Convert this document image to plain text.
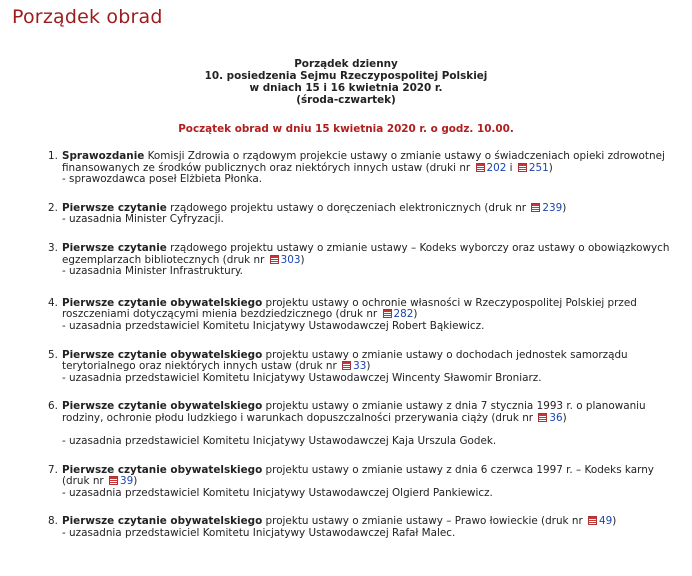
Porządek obrad
Porządek dzienny
10. posiedzenia Sejmu Rzeczypospolitej Polskiej
w dniach 15 i 16 kwietnia 2020 r.
(środa-czwartek)
Początek obrad w dniu 15 kwietnia 2020 r. o godz. 10.00.
1. Sprawozdanie Komisji Zdrowia o rządowym projekcie ustawy o zmianie ustawy o świadczeniach opieki zdrowotnej finansowanych ze środków publicznych oraz niektórych innych ustaw (druki nr 202 i 251)
- sprawozdawca poseł Elżbieta Płonka.
2. Pierwsze czytanie rządowego projektu ustawy o doręczeniach elektronicznych (druk nr 239)
- uzasadnia Minister Cyfryzacji.
3. Pierwsze czytanie rządowego projektu ustawy o zmianie ustawy – Kodeks wyborczy oraz ustawy o obowiązkowych egzemplarzach bibliotecznych (druk nr 303)
- uzasadnia Minister Infrastruktury.
4. Pierwsze czytanie obywatelskiego projektu ustawy o ochronie własności w Rzeczypospolitej Polskiej przed roszczeniami dotyczącymi mienia bezdziedzicznego (druk nr 282)
- uzasadnia przedstawiciel Komitetu Inicjatywy Ustawodawczej Robert Bąkiewicz.
5. Pierwsze czytanie obywatelskiego projektu ustawy o zmianie ustawy o dochodach jednostek samorządu terytorialnego oraz niektórych innych ustaw (druk nr 33)
- uzasadnia przedstawiciel Komitetu Inicjatywy Ustawodawczej Wincenty Sławomir Broniarz.
6. Pierwsze czytanie obywatelskiego projektu ustawy o zmianie ustawy z dnia 7 stycznia 1993 r. o planowaniu rodziny, ochronie płodu ludzkiego i warunkach dopuszczalności przerywania ciąży (druk nr 36)
- uzasadnia przedstawiciel Komitetu Inicjatywy Ustawodawczej Kaja Urszula Godek.
7. Pierwsze czytanie obywatelskiego projektu ustawy o zmianie ustawy z dnia 6 czerwca 1997 r. – Kodeks karny (druk nr 39)
- uzasadnia przedstawiciel Komitetu Inicjatywy Ustawodawczej Olgierd Pankiewicz.
8. Pierwsze czytanie obywatelskiego projektu ustawy o zmianie ustawy – Prawo łowieckie (druk nr 49)
- uzasadnia przedstawiciel Komitetu Inicjatywy Ustawodawczej Rafał Malec.
